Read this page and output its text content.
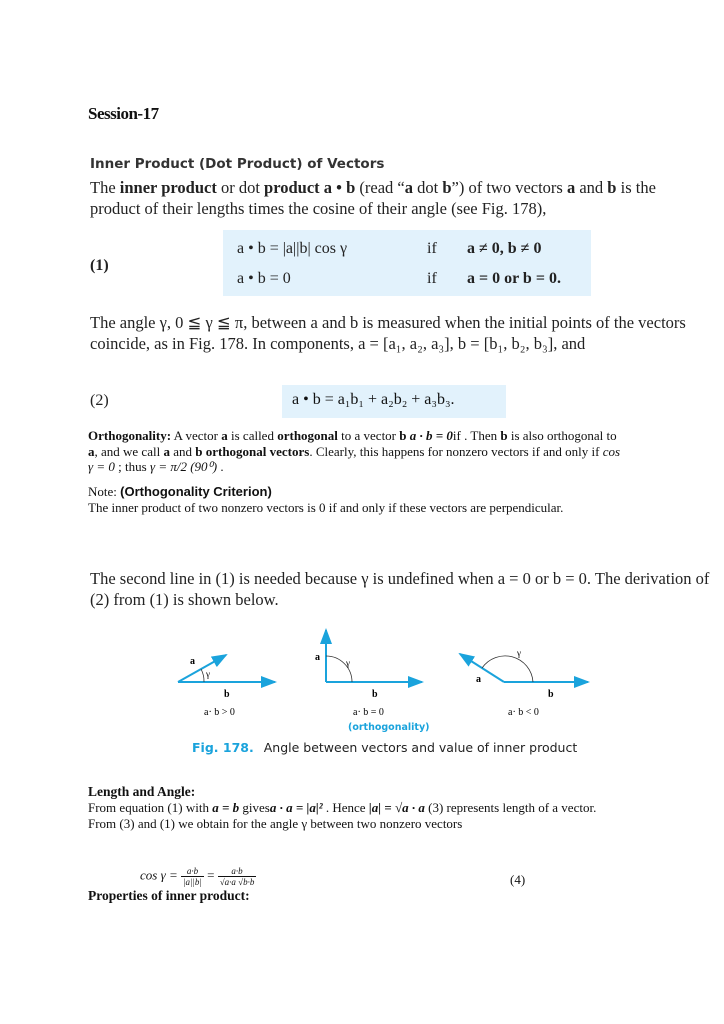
Session-17
Inner Product (Dot Product) of Vectors
The inner product or dot product a • b (read “a dot b”) of two vectors a and b is the product of their lengths times the cosine of their angle (see Fig. 178),
(1)
a • b = |a||b| cos γ	if a ≠ 0, b ≠ 0
a • b = 0	if a = 0 or b = 0.
The angle γ, 0 ≦ γ ≦ π, between a and b is measured when the initial points of the vectors coincide, as in Fig. 178. In components, a = [a₁, a₂, a₃], b = [b₁, b₂, b₃], and
(2)	a • b = a₁b₁ + a₂b₂ + a₃b₃.
Orthogonality: A vector a is called orthogonal to a vector b a · b = 0if . Then b is also orthogonal to a, and we call a and b orthogonal vectors. Clearly, this happens for nonzero vectors if and only if cos γ = 0 ; thus γ = π/2 (90⁰) .
Note: (Orthogonality Criterion)
The inner product of two nonzero vectors is 0 if and only if these vectors are perpendicular.
The second line in (1) is needed because γ is undefined when a = 0 or b = 0. The derivation of (2) from (1) is shown below.
a
γ
b
a· b > 0
a	γ
b
a· b = 0
(orthogonality)
a
γ
b
a· b < 0
Fig. 178. Angle between vectors and value of inner product
Length and Angle:
From equation (1) with a = b givesa · a = |a|² . Hence |a| = √a · a (3) represents length of a vector.
From (3) and (1) we obtain for the angle γ between two nonzero vectors
$\cos \gamma = \frac{a\cdot b}{|a||b|} = \frac{a\cdot b}{√a\cdot a √b\cdot b}$	(4)
Properties of inner product:
